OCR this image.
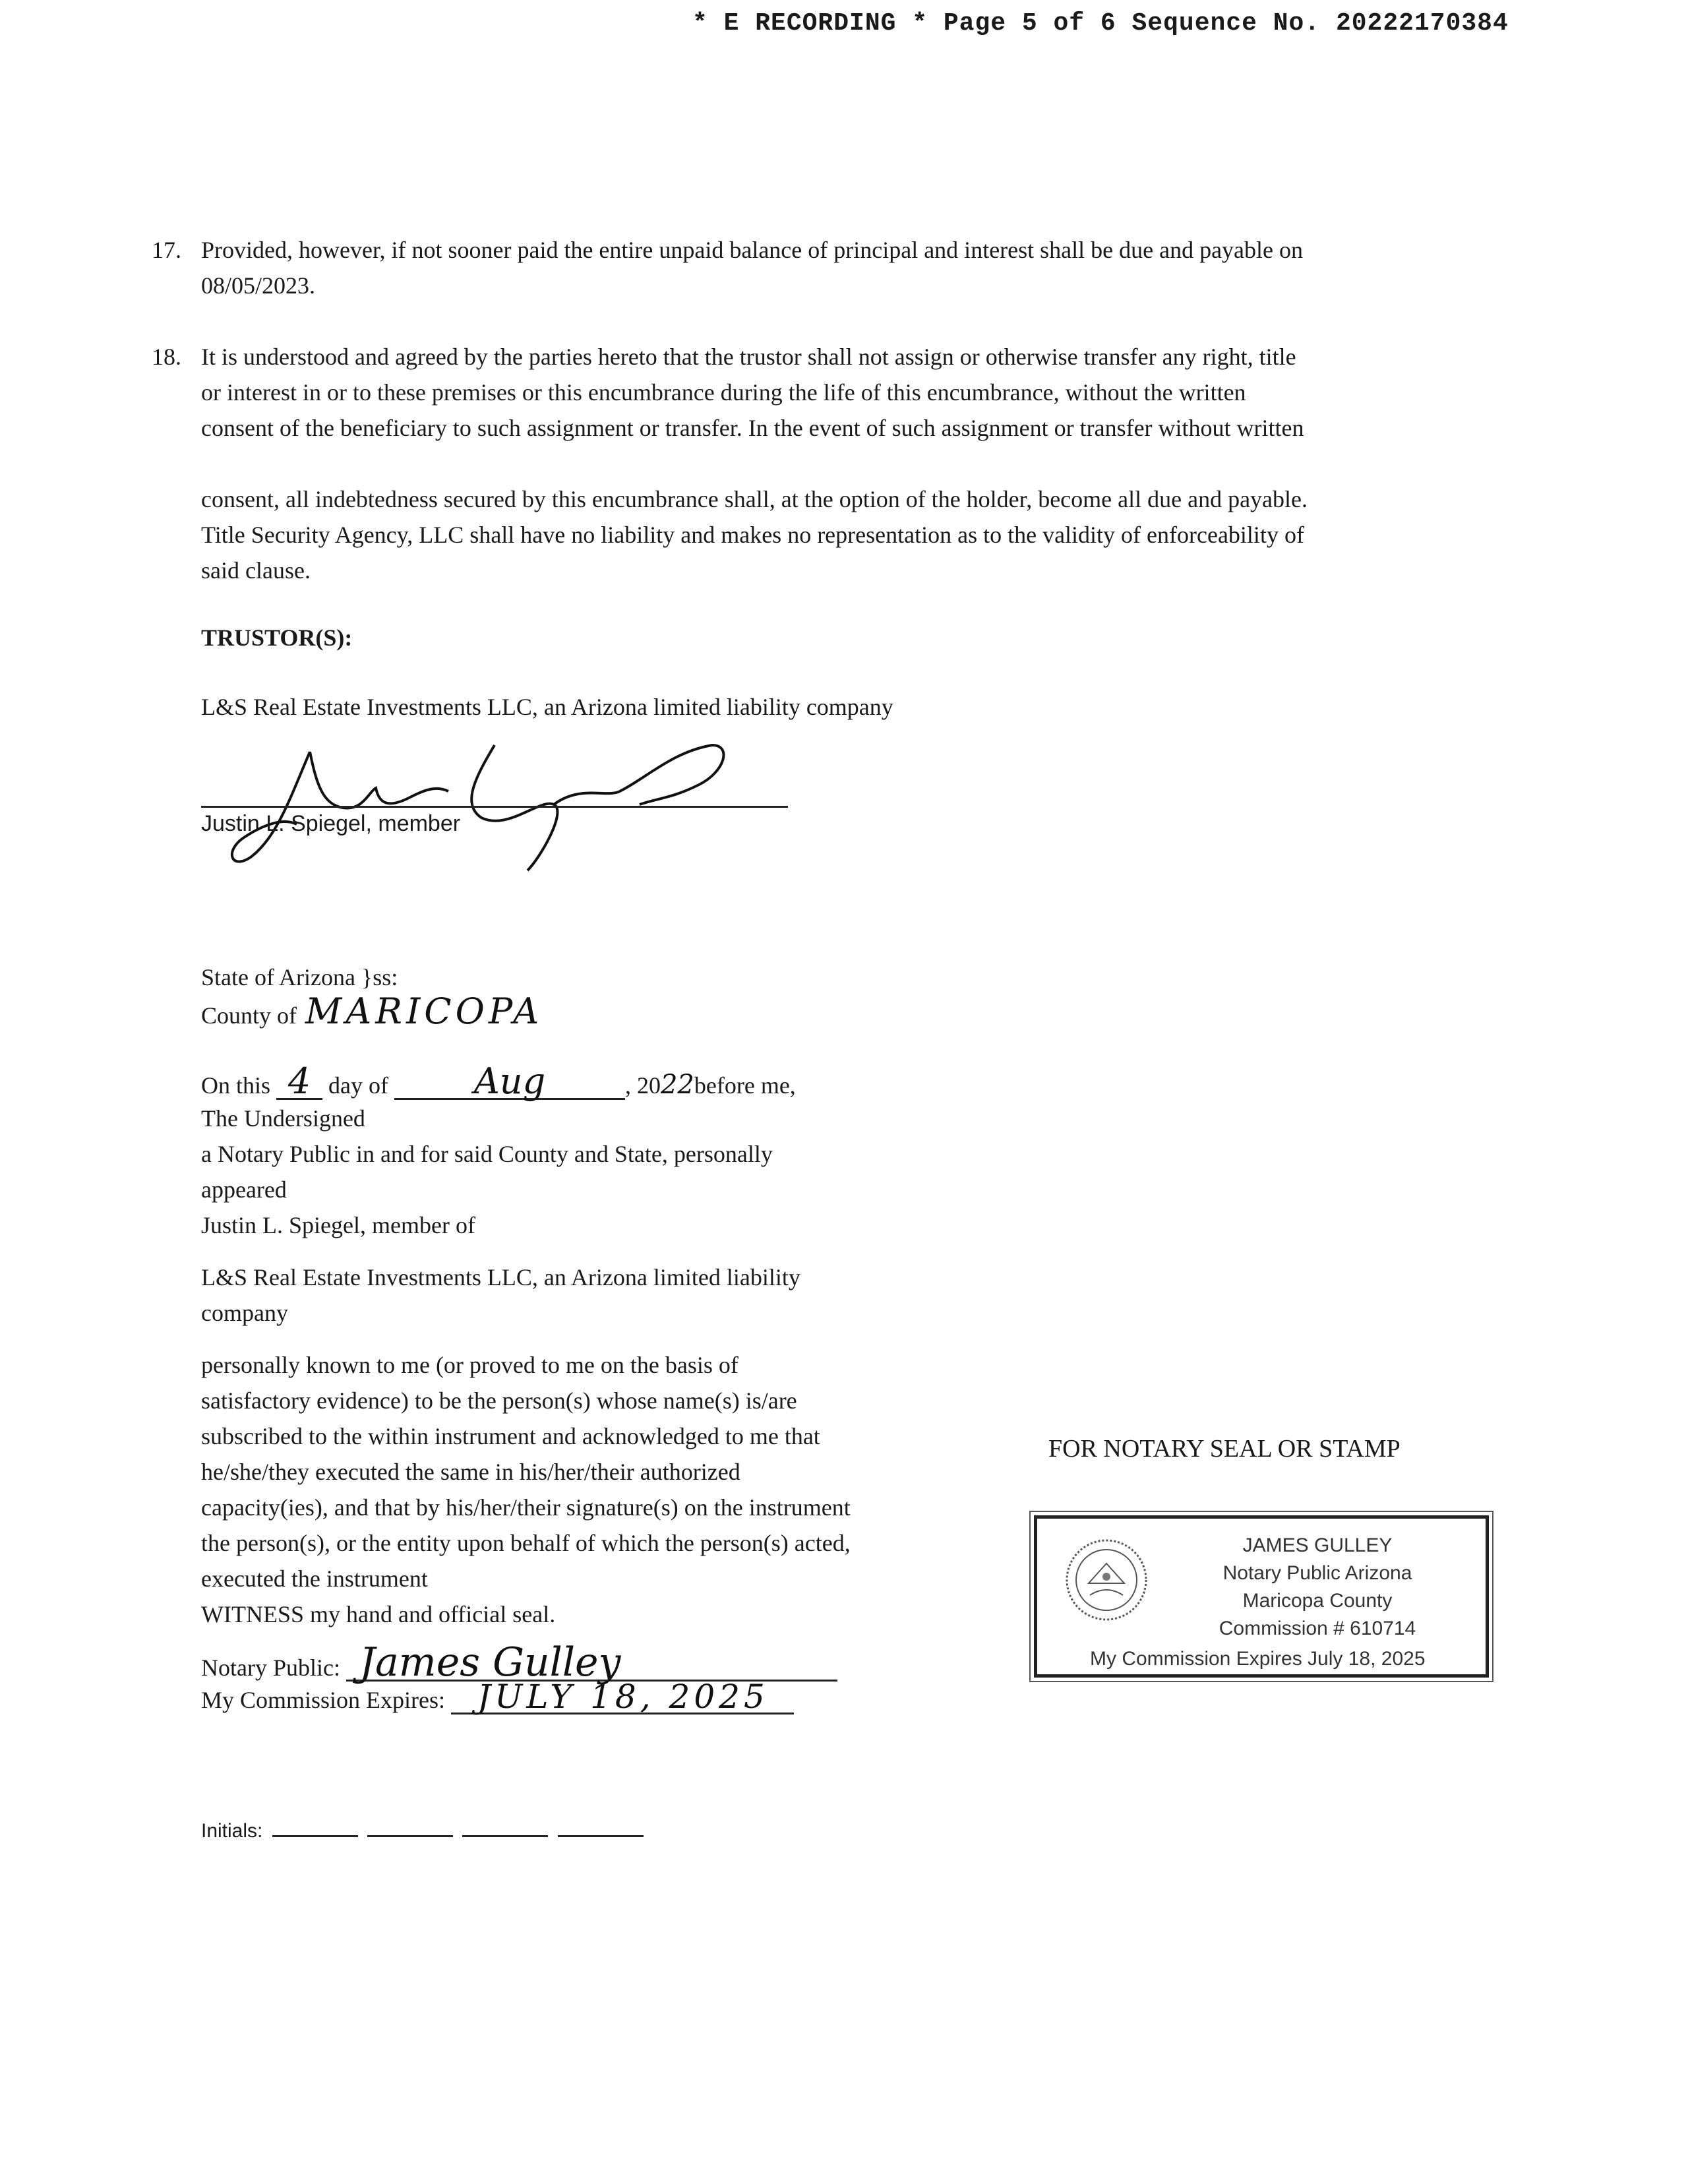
* E RECORDING * Page 5 of 6 Sequence No. 20222170384
17. Provided, however, if not sooner paid the entire unpaid balance of principal and interest shall be due and payable on

08/05/2023.

18. It is understood and agreed by the parties hereto that the trustor shall not assign or otherwise transfer any right, title

or interest in or to these premises or this encumbrance during the life of this encumbrance, without the written

consent of the beneficiary to such assignment or transfer. In the event of such assignment or transfer without written

consent, all indebtedness secured by this encumbrance shall, at the option of the holder, become all due and payable.
Title Security Agency, LLC shall have no liability and makes no representation as to the validity of enforceability of
said clause.
TRUSTOR(S):
L&S Real Estate Investments LLC, an Arizona limited liability company
Justin L. Spiegel, member
State of Arizona }ss:
County of MARICOPA
On this 4 day of Aug	, 2022before me,
The Undersigned
a Notary Public in and for said County and State, personally
appeared
Justin L. Spiegel, member of
L&S Real Estate Investments LLC, an Arizona limited liability
company
personally known to me (or proved to me on the basis of
satisfactory evidence) to be the person(s) whose name(s) is/are
subscribed to the within instrument and acknowledged to me that
he/she/they executed the same in his/her/their authorized
capacity(ies), and that by his/her/their signature(s) on the instrument
the person(s), or the entity upon behalf of which the person(s) acted,
executed the instrument
WITNESS my hand and official seal.
Notary Public: James Gulley
My Commission Expires: JULY 18, 2025
FOR NOTARY SEAL OR STAMP
JAMES GULLEY
Notary Public Arizona
Maricopa County
Commission # 610714
My Commission Expires July 18, 2025
Initials:
